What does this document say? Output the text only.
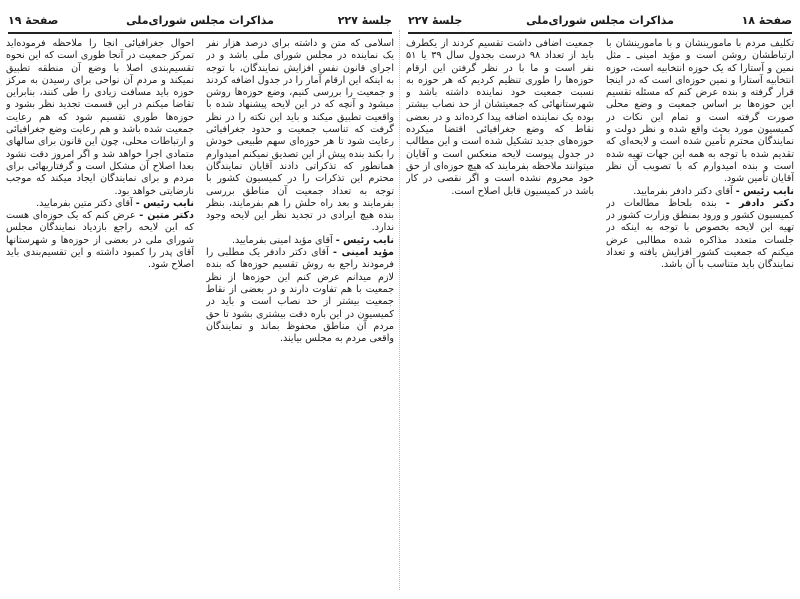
جلسهٔ ۲۲۷
مذاکرات مجلس شورای‌ملی
صفحهٔ ۱۹

اسلامی که متن و داشته برای درصد هزار نفر یک نماینده در مجلس شورای ملی باشد و در اجرای قانون نفس افزایش نمایندگان، با توجه به اینکه این ارقام آمار را در جدول اضافه کردند و جمعیت را بررسی کنیم، وضع حوزه‌ها روشن میشود و آنچه که در این لایحه پیشنهاد شده با واقعیت تطبیق میکند و باید این نکته را در نظر گرفت که تناسب جمعیت و حدود جغرافیائی رعایت شود تا هر حوزه‌ای سهم طبیعی خودش را بکند بنده پیش از این تصدیق نمیکنم امیدوارم همانطور که تذکراتی دادند آقایان نمایندگان محترم این تذکرات را در کمیسیون کشور با توجه به تعداد جمعیت آن مناطق بررسی بفرمایند و بعد راه حلش را هم بفرمایند، بنظر بنده هیچ ایرادی در تجدید نظر این لایحه وجود ندارد.

نایب رئیس - آقای مؤید امینی بفرمایید.

مؤید امینی - آقای دکتر دادفر یک مطلبی را فرمودند راجع به روش تقسیم حوزه‌ها که بنده لازم میدانم عرض کنم این حوزه‌ها از نظر جمعیت با هم تفاوت دارند و در بعضی از نقاط جمعیت بیشتر از حد نصاب است و باید در کمیسیون در این باره دقت بیشتری بشود تا حق مردم آن مناطق محفوظ بماند و نمایندگان واقعی مردم به مجلس بیایند.

احوال جغرافیائی آنجا را ملاحظه فرموده‌اید تمرکز جمعیت در آنجا طوری است که این نحوه تقسیم‌بندی اصلا با وضع آن منطقه تطبیق نمیکند و مردم آن نواحی برای رسیدن به مرکز حوزه باید مسافت زیادی را طی کنند، بنابراین تقاضا میکنم در این قسمت تجدید نظر بشود و حوزه‌ها طوری تقسیم شود که هم رعایت جمعیت شده باشد و هم رعایت وضع جغرافیائی و ارتباطات محلی، چون این قانون برای سالهای متمادی اجرا خواهد شد و اگر امروز دقت نشود بعدا اصلاح آن مشکل است و گرفتاریهائی برای مردم و برای نمایندگان ایجاد میکند که موجب نارضایتی خواهد بود.

نایب رئیس - آقای دکتر متین بفرمایید.

دکتر متین - عرض کنم که یک حوزه‌ای هست که این لایحه راجع بازدیاد نمایندگان مجلس شورای ملی در بعضی از حوزه‌ها و شهرستانها آقای پدر را کمبود داشته و این تقسیم‌بندی باید اصلاح شود.

جلسهٔ ۲۲۷	مذاکرات مجلس شورای‌ملی	صفحهٔ ۱۸

تکلیف مردم با مأمورینشان و با مأمورینشان با ارتباطشان روشن است و مؤید امینی ـ مثل نمین و آستارا که یک حوزه انتخابیه است، حوزه انتخابیه آستارا و نمین حوزه‌ای است که در اینجا قرار گرفته و بنده عرض کنم که مسئله تقسیم این حوزه‌ها بر اساس جمعیت و وضع محلی صورت گرفته است و تمام این نکات در کمیسیون مورد بحث واقع شده و نظر دولت و نمایندگان محترم تأمین شده است و لایحه‌ای که تقدیم شده با توجه به همه این جهات تهیه شده است و بنده امیدوارم که با تصویب آن نظر آقایان تأمین شود.

نایب رئیس - آقای دکتر دادفر بفرمایید.

دکتر دادفر - بنده بلحاظ مطالعات در کمیسیون کشور و ورود بمنطق وزارت کشور در تهیه این لایحه بخصوص با توجه به اینکه در جلسات متعدد مذاکره شده مطالبی عرض میکنم که جمعیت کشور افزایش یافته و تعداد نمایندگان باید متناسب با آن باشد.

جمعیت اضافی داشت تقسیم کردند از یکطرف باید از تعداد ۹۸ درست بجدول سال ۳۹ یا ۵۱ نفر است و ما با در نظر گرفتن این ارقام حوزه‌ها را طوری تنظیم کردیم که هر حوزه به نسبت جمعیت خود نماینده داشته باشد و شهرستانهائی که جمعیتشان از حد نصاب بیشتر بوده یک نماینده اضافه پیدا کرده‌اند و در بعضی نقاط که وضع جغرافیائی اقتضا میکرده حوزه‌های جدید تشکیل شده است و این مطالب در جدول پیوست لایحه منعکس است و آقایان میتوانند ملاحظه بفرمایند که هیچ حوزه‌ای از حق خود محروم نشده است و اگر نقصی در کار باشد در کمیسیون قابل اصلاح است.
